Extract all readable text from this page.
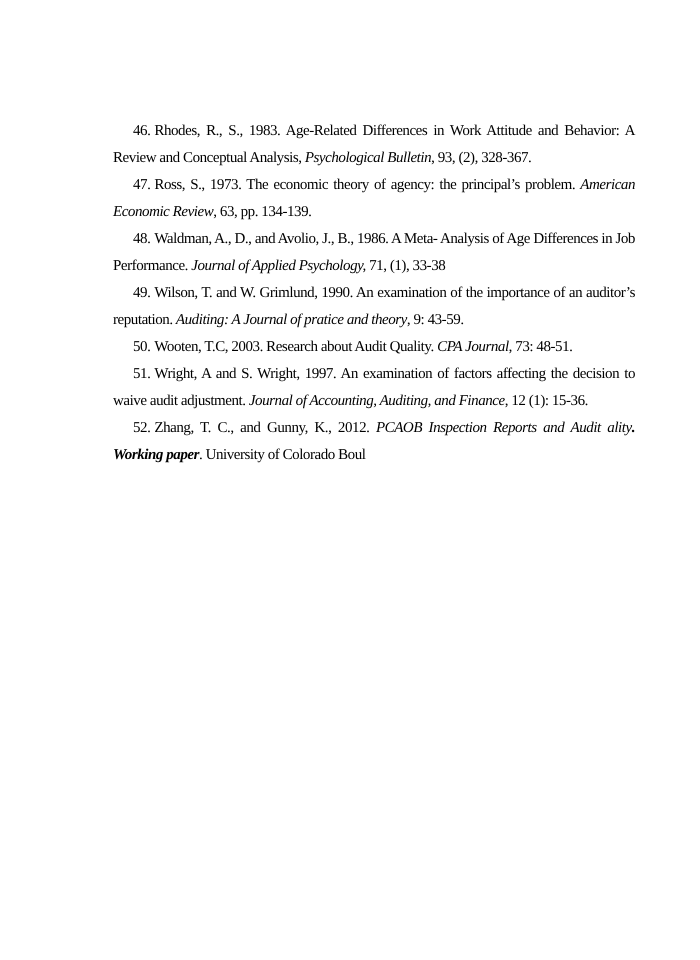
46. Rhodes, R., S., 1983. Age-Related Differences in Work Attitude and Behavior: A Review and Conceptual Analysis, Psychological Bulletin, 93, (2), 328-367.

47. Ross, S., 1973. The economic theory of agency: the principal’s problem. American Economic Review, 63, pp. 134-139.

48. Waldman, A., D., and Avolio, J., B., 1986. A Meta- Analysis of Age Differences in Job Performance. Journal of Applied Psychology, 71, (1), 33-38

49. Wilson, T. and W. Grimlund, 1990. An examination of the importance of an auditor’s reputation. Auditing: A Journal of pratice and theory, 9: 43-59.

50. Wooten, T.C, 2003. Research about Audit Quality. CPA Journal, 73: 48-51.

51. Wright, A and S. Wright, 1997. An examination of factors affecting the decision to waive audit adjustment. Journal of Accounting, Auditing, and Finance, 12 (1): 15-36.

52. Zhang, T. C., and Gunny, K., 2012. PCAOB Inspection Reports and Audit ality. Working paper. University of Colorado Boul
